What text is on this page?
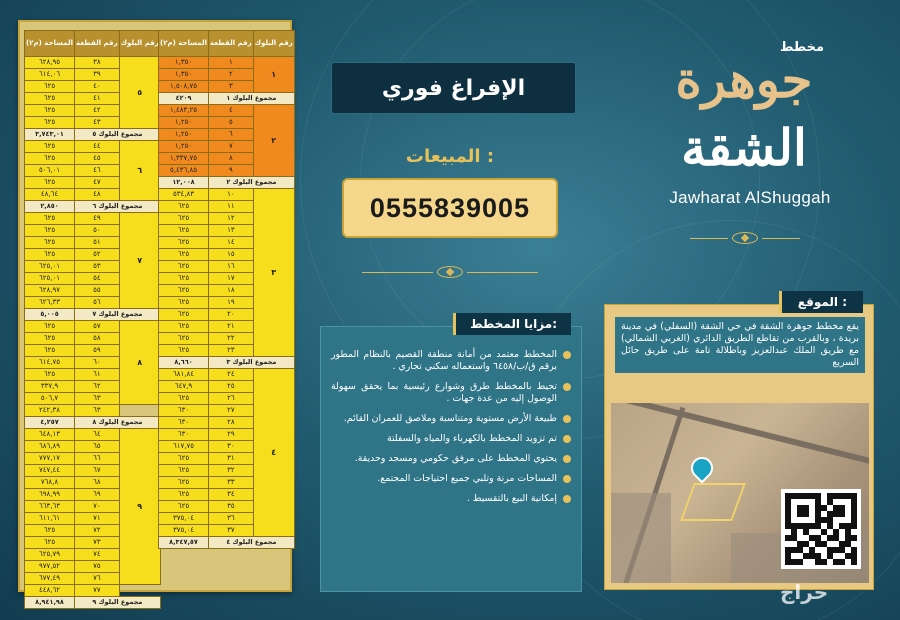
المساحة (م٢)	رقم القطعة	رقم البلوك
٦٢٨,٩٥	٣٨	٥
٦١٤,٠٦	٣٩	
٦٢٥	٤٠	
٦٢٥	٤١	
٦٢٥	٤٢	
٦٢٥	٤٣	
٣,٧٤٣,٠١	مجموع البلوك ٥	
٦٢٥	٤٤	٦
٦٢٥	٤٥	
٥٠٦,٠١	٤٦	
٦٢٥	٤٧	
٤٨,٦٤	٤٨	
٢,٨٥٠	مجموع البلوك ٦	
٦٢٥	٤٩	٧
٦٢٥	٥٠	
٦٢٥	٥١	
٦٢٥	٥٢	
٦٢٥,٠١	٥٣	
٦٢٥,٠١	٥٤	
٦٢٨,٩٧	٥٥	
٦٢٦,٣٣	٥٦	
٥,٠٠٥	مجموع البلوك ٧	
٦٢٥	٥٧	٨
٦٢٥	٥٨	
٦٢٥	٥٩	
٦١٤,٧٥	٦٠	
٦٢٥	٦١	
٣٣٧,٩	٦٢	
٥٠٦,٧	٦٣	
٢٤٢,٣٨	٦٣	
٤,٢٥٧	مجموع البلوك ٨	
٦٤٨,١٣	٦٤	٩
٦٨٦,٨٩	٦٥	
٧٧٧,١٧	٦٦	
٧٤٧,٤٤	٦٧	
٧٦٨,٨	٦٨	
٦٩٨,٩٩	٦٩	
٦٦٣,٦٣	٧٠	
٦١١,٦١	٧١	
٦٢٥	٧٢	
٦٢٥	٧٣	
٦٢٥,٧٩	٧٤	
٩٧٧,٥٢	٧٥	
٦٧٧,٤٩	٧٦	
٤٤٨,٦٢	٧٧	
٨,٩٤١,٩٨	مجموع البلوك ٩	
المساحة (م٢)	رقم القطعة	رقم البلوك
١,٣٥٠	١	١
١,٣٥٠	٢	
١,٥٠٨,٧٥	٣	
٤٢٠٩	مجموع البلوك ١	
١,٤٨٣,٢٥	٤	٢
١,٢٥٠	٥	
١,٢٥٠	٦	
١,٢٥٠	٧	
١,٣٣٧,٧٥	٨	
٥,٤٣٦,٨٥	٩	
١٢,٠٠٨	مجموع البلوك ٢	
٥٣٤,٨٣	١٠	٣
٦٢٥	١١	
٦٢٥	١٢	
٦٢٥	١٣	
٦٢٥	١٤	
٦٢٥	١٥	
٦٢٥	١٦	
٦٢٥	١٧	
٦٢٥	١٨	
٦٢٥	١٩	
٦٢٥	٢٠	
٦٢٥	٢١	
٦٢٥	٢٢	
٦٢٥	٢٣	
٨,٦٦٠	مجموع البلوك ٣	
٦٨١,٨٤	٢٤	٤
٦٤٧,٩	٢٥	
٦٢٥	٢٦	
٦٣٠	٢٧	
٦٣٠	٢٨	
٦٣٠	٢٩	
٦١٧,٧٥	٣٠	
٦٢٥	٣١	
٦٢٥	٣٢	
٦٢٥	٣٣	
٦٢٥	٣٤	
٦٢٥	٣٥	
٣٧٥,٠٤	٣٦	
٣٧٥,٠٤	٣٧	
٨,٣٤٧,٥٧	مجموع البلوك ٤	
الإفراغ فوري
المبيعات :
0555839005
مزايا المخطط:
المخطط معتمد من أمانة منطقة القصيم بالنظام المطور برقم ق/ب/٦٤٥٨ واستعماله سكني تجاري .
تحيط بالمخطط طرق وشوارع رئيسية بما يحقق سهولة الوصول إليه من عدة جهات .
طبيعة الأرض مستوية ومتناسبة وملاصق للعمران القائم.
تم تزويد المخطط بالكهرباء والمياه والسفلتة
يحتوي المخطط على مرفق حكومي ومسجد وحديقة.
المساحات مرنة وتلبي جميع احتياجات المجتمع.
إمكانية البيع بالتقسيط .
مخطط
جوهرة
الشقة
Jawharat AlShuggah
الموقع :
يقع مخطط جوهرة الشقة في حي الشقة (السفلي) في مدينة بريدة ، وبالقرب من تقاطع الطريق الدائري (الغربي الشمالي) مع طريق الملك عبدالعزيز وباطلالة تامة على طريق حائل السريع
حراج
